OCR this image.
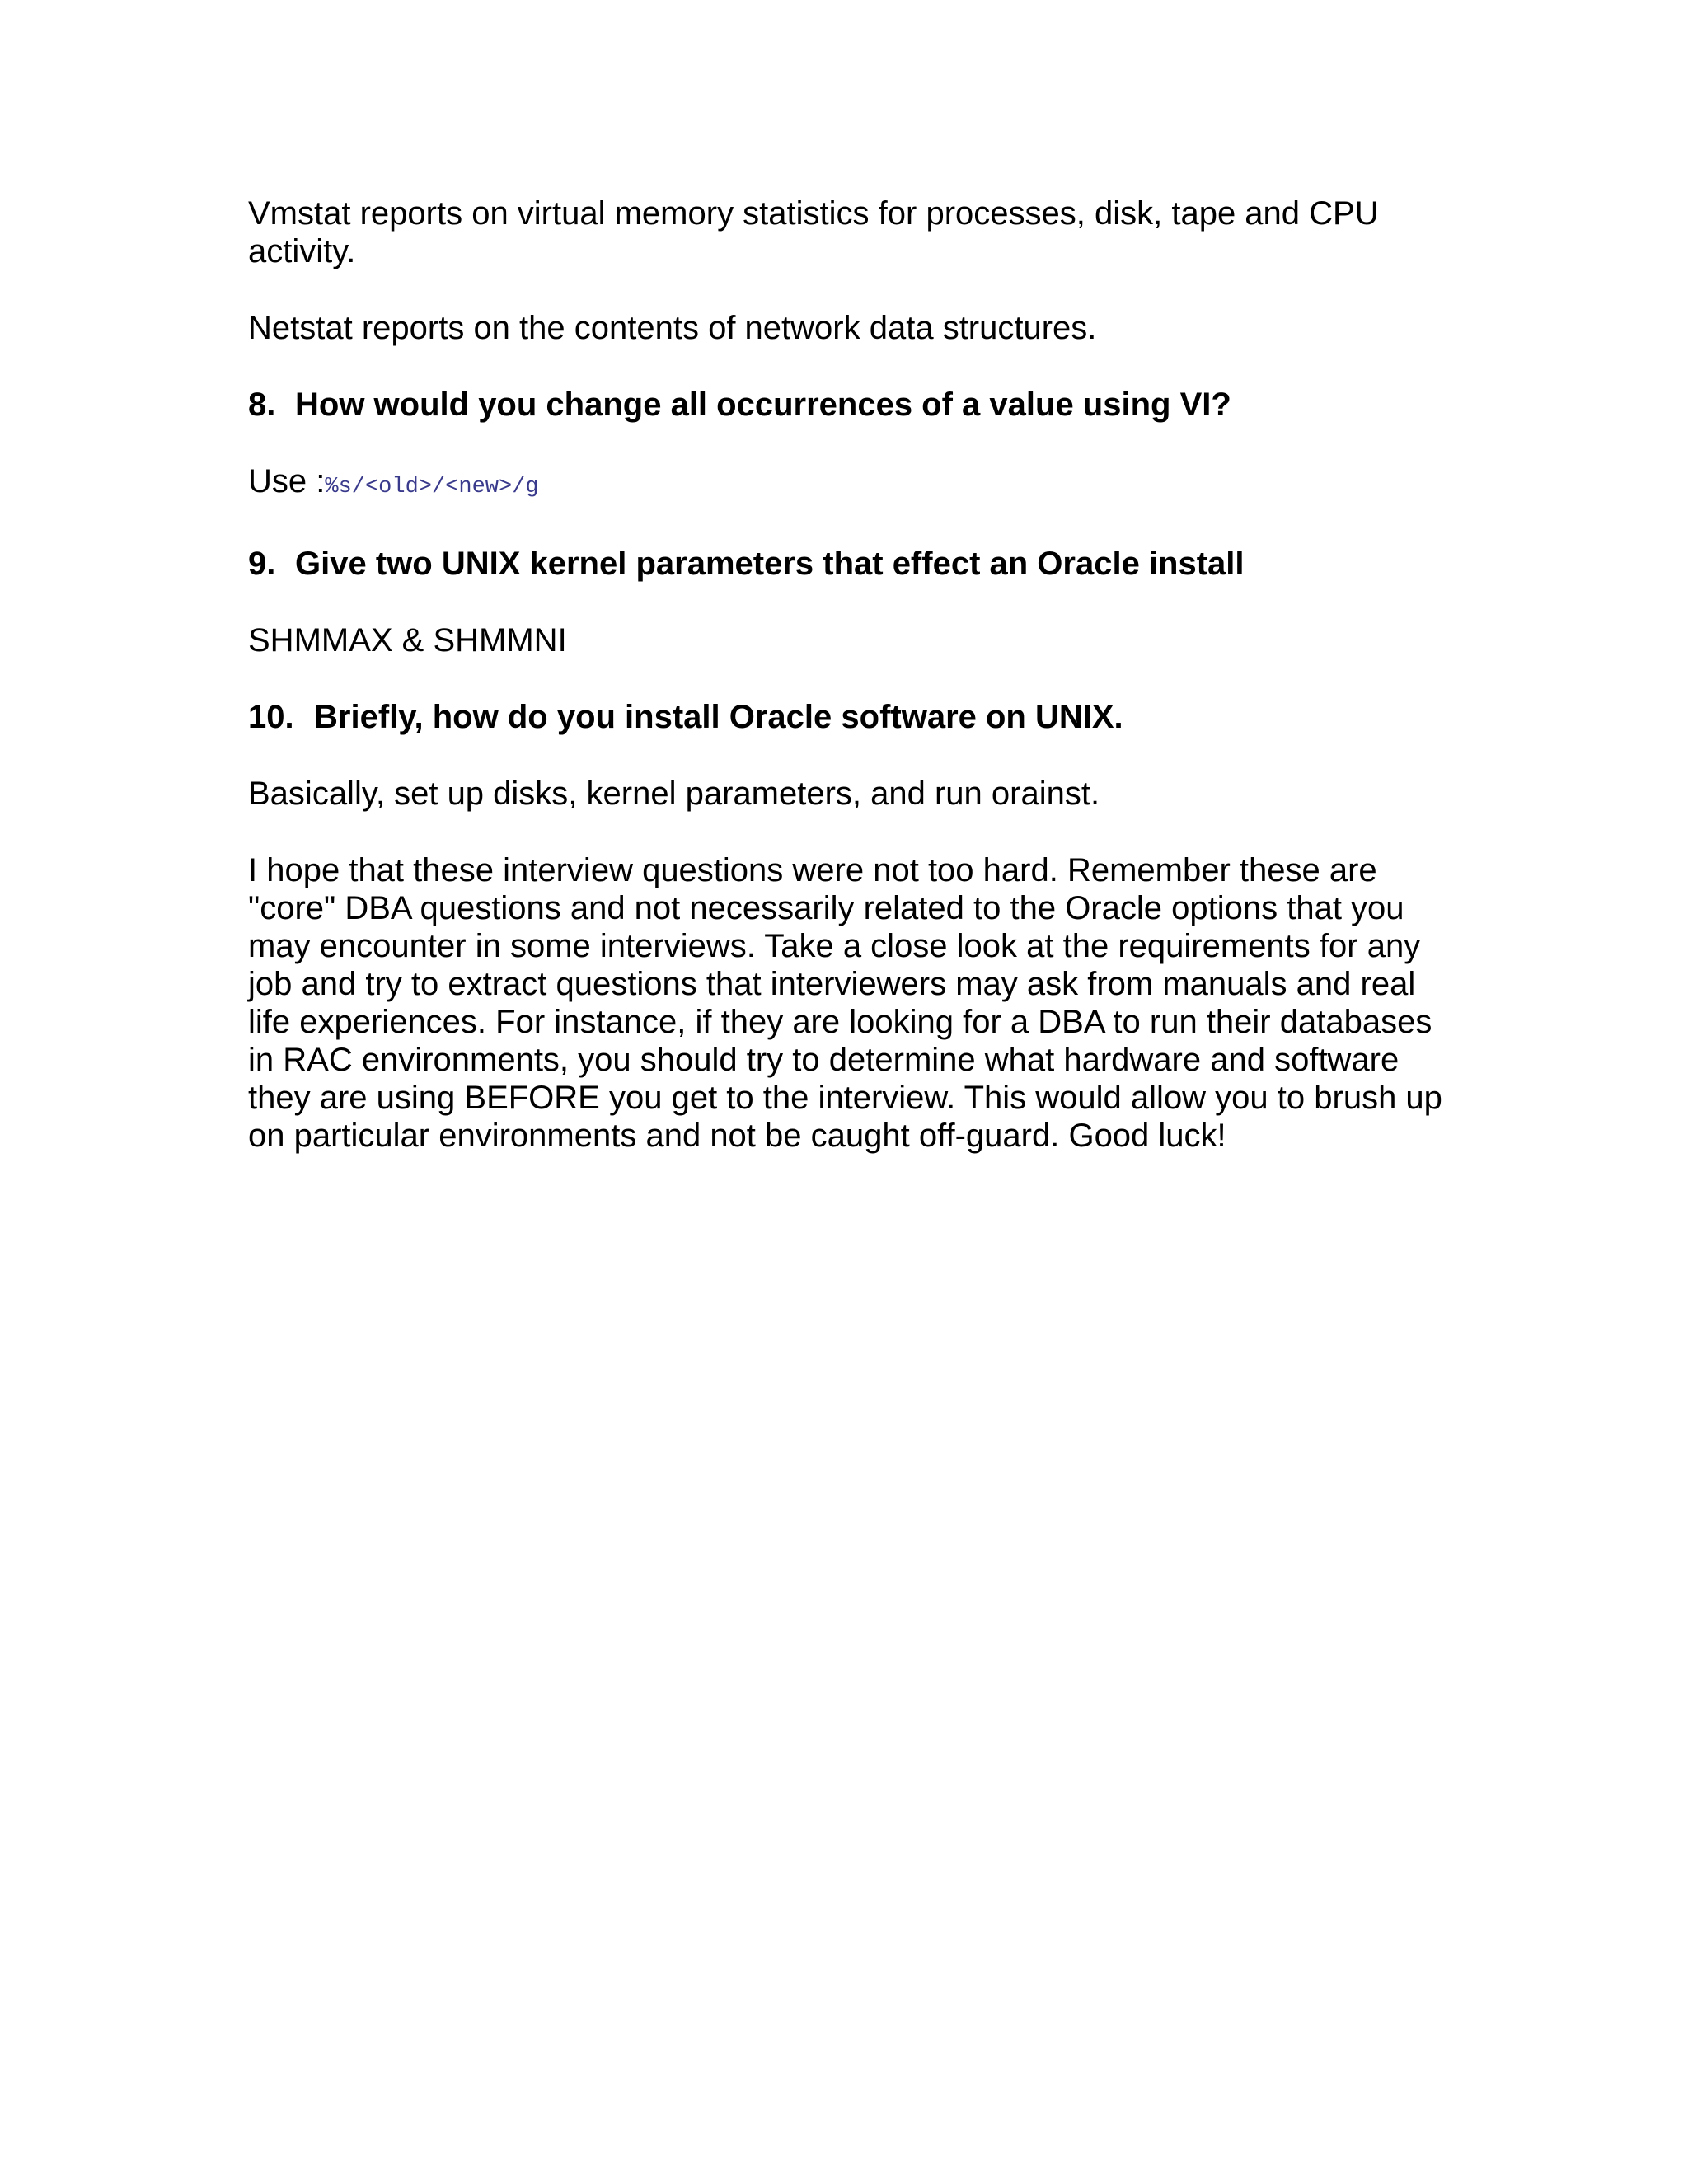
Vmstat reports on virtual memory statistics for processes, disk, tape and CPU activity.

Netstat reports on the contents of network data structures.

8. How would you change all occurrences of a value using VI?

Use :%s/<old>/<new>/g

9. Give two UNIX kernel parameters that effect an Oracle install

SHMMAX & SHMMNI

10. Briefly, how do you install Oracle software on UNIX.

Basically, set up disks, kernel parameters, and run orainst.

I hope that these interview questions were not too hard. Remember these are "core" DBA questions and not necessarily related to the Oracle options that you may encounter in some interviews. Take a close look at the requirements for any job and try to extract questions that interviewers may ask from manuals and real life experiences. For instance, if they are looking for a DBA to run their databases in RAC environments, you should try to determine what hardware and software they are using BEFORE you get to the interview. This would allow you to brush up on particular environments and not be caught off-guard. Good luck!
